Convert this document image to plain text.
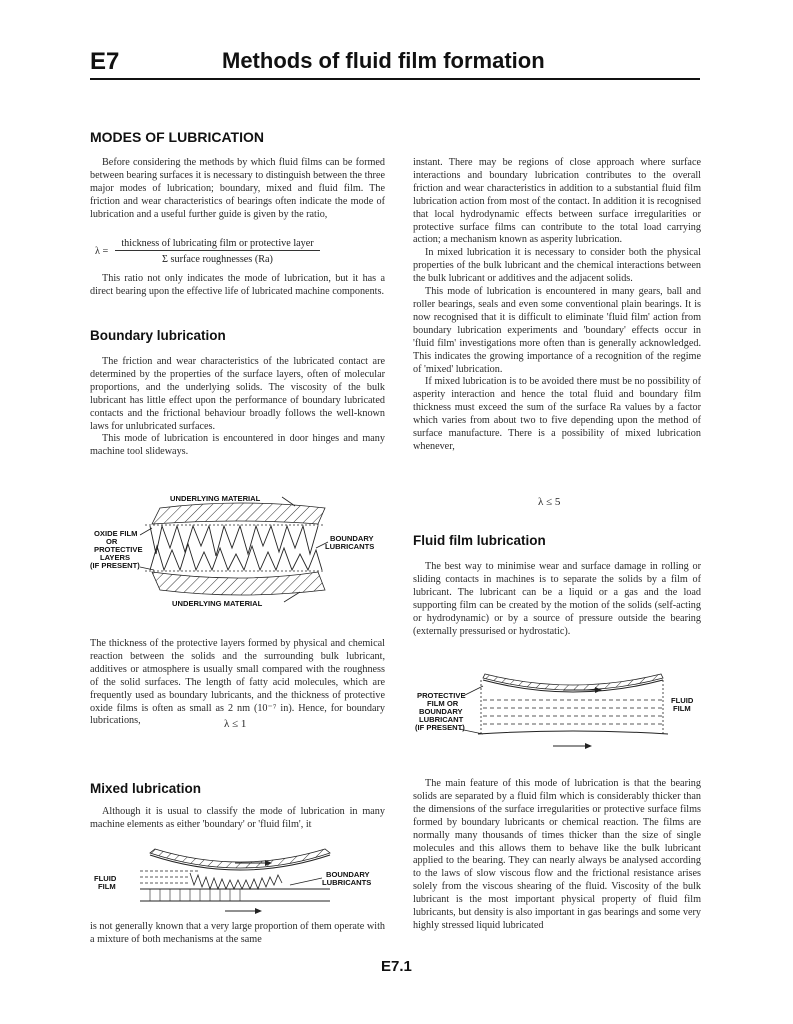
E7	Methods of fluid film formation
MODES OF LUBRICATION

Before considering the methods by which fluid films can be formed between bearing surfaces it is necessary to distinguish between the three major modes of lubrication; boundary, mixed and fluid film. The friction and wear characteristics of bearings often indicate the mode of lubrication and a useful further guide is given by the ratio,

λ =
thickness of lubricating film or protective layer
Σ surface roughnesses (Ra)

This ratio not only indicates the mode of lubrication, but it has a direct bearing upon the effective life of lubricated machine components.

Boundary lubrication

The friction and wear characteristics of the lubricated contact are determined by the properties of the surface layers, often of molecular proportions, and the underlying solids. The viscosity of the bulk lubricant has little effect upon the performance of boundary lubricated contacts and the frictional behaviour broadly follows the well-known laws for unlubricated surfaces.

This mode of lubrication is encountered in door hinges and many machine tool slideways.

UNDERLYING MATERIAL
UNDERLYING MATERIAL
OXIDE FILM
OR
PROTECTIVE
LAYERS
(IF PRESENT)
BOUNDARY
LUBRICANTS

The thickness of the protective layers formed by physical and chemical reaction between the solids and the surrounding bulk lubricant, additives or atmosphere is usually small compared with the roughness of the solid surfaces. The length of fatty acid molecules, which are frequently used as boundary lubricants, and the thickness of protective oxide films is often as small as 2 nm (10⁻⁷ in). Hence, for boundary lubrications,	λ ≤ 1
Mixed lubrication

Although it is usual to classify the mode of lubrication in many machine elements as either 'boundary' or 'fluid film', it

FLUID
FILM
BOUNDARY
LUBRICANTS

is not generally known that a very large proportion of them operate with a mixture of both mechanisms at the same

instant. There may be regions of close approach where surface interactions and boundary lubrication contributes to the overall friction and wear characteristics in addition to a substantial fluid film lubrication action from most of the contact. In addition it is recognised that local hydrodynamic effects between surface irregularities or protective surface films can contribute to the total load carrying action; a mechanism known as asperity lubrication.

In mixed lubrication it is necessary to consider both the physical properties of the bulk lubricant and the chemical interactions between the bulk lubricant or additives and the adjacent solids.

This mode of lubrication is encountered in many gears, ball and roller bearings, seals and even some conventional plain bearings. It is now recognised that it is difficult to eliminate 'fluid film' action from boundary lubrication experiments and 'boundary' effects occur in 'fluid film' investigations more often than is generally acknowledged. This indicates the growing importance of a recognition of the regime of 'mixed' lubrication.

If mixed lubrication is to be avoided there must be no possibility of asperity interaction and hence the total fluid and boundary film thickness must exceed the sum of the surface Ra values by a factor which varies from about two to five depending upon the method of surface manufacture. There is a possibility of mixed lubrication whenever,

λ ≤ 5
Fluid film lubrication

The best way to minimise wear and surface damage in rolling or sliding contacts in machines is to separate the solids by a film of lubricant. The lubricant can be a liquid or a gas and the load supporting film can be created by the motion of the solids (self-acting or hydrodynamic) or by a source of pressure outside the bearing (externally pressurised or hydrostatic).

PROTECTIVE
FILM OR
BOUNDARY
LUBRICANT
(IF PRESENT)
FLUID
FILM

The main feature of this mode of lubrication is that the bearing solids are separated by a fluid film which is considerably thicker than the dimensions of the surface irregularities or protective surface films formed by boundary lubricants or chemical reaction. The films are normally many thousands of times thicker than the size of single molecules and this allows them to behave like the bulk lubricant applied to the bearing. They can nearly always be analysed according to the laws of slow viscous flow and the frictional resistance arises solely from the viscous shearing of the fluid. Viscosity of the bulk lubricant is the most important physical property of fluid film lubricants, but density is also important in gas bearings and some very highly stressed liquid lubricated

E7.1
